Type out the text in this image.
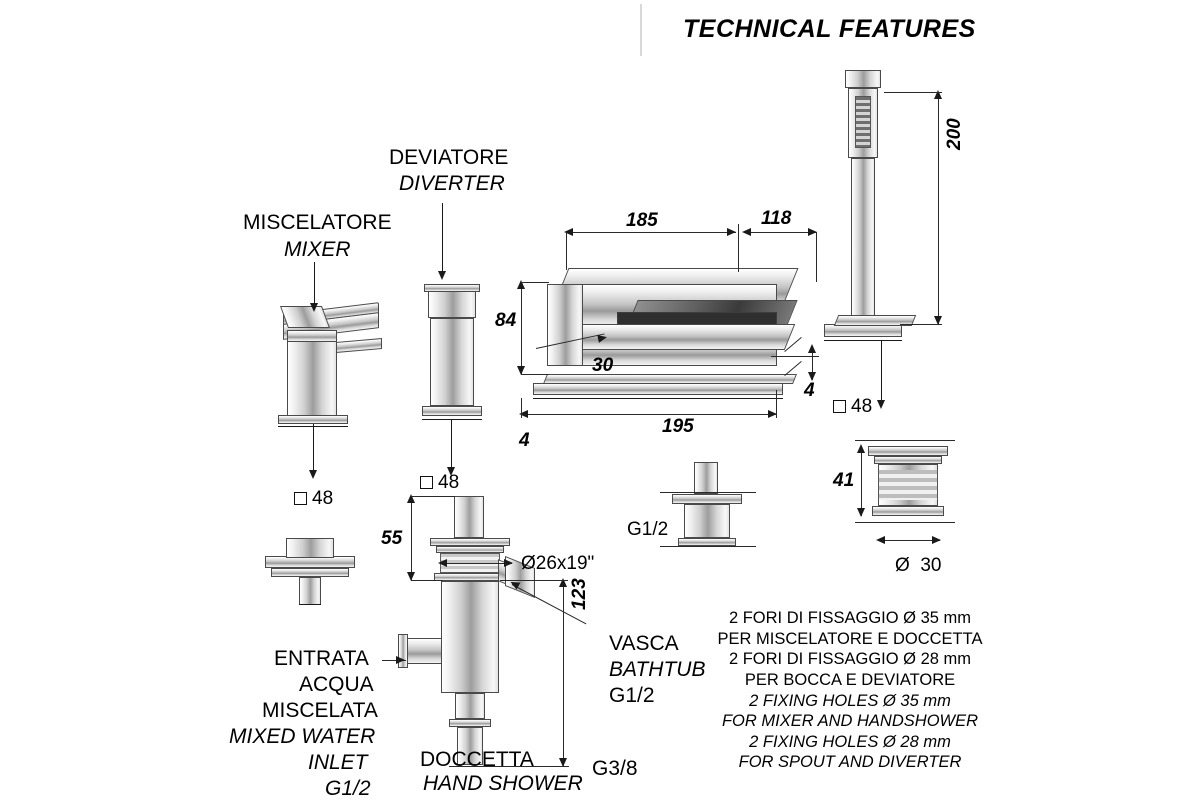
TECHNICAL FEATURES
MISCELATORE
MIXER
DEVIATORE
DIVERTER
48
48
185	118
84
30
195
4
4
200
48
41
Ø  30
G1/2
55
123
Ø26x19"
ENTRATA
ACQUA
MISCELATA
MIXED WATER
INLET
G1/2
DOCCETTA
HAND SHOWER
G3/8
VASCA
BATHTUB
G1/2
2 FORI DI FISSAGGIO Ø 35 mm
PER MISCELATORE E DOCCETTA
2 FORI DI FISSAGGIO Ø 28 mm
PER BOCCA E DEVIATORE
2 FIXING HOLES Ø 35 mm
FOR MIXER AND HANDSHOWER
2 FIXING HOLES Ø 28 mm
FOR SPOUT AND DIVERTER
